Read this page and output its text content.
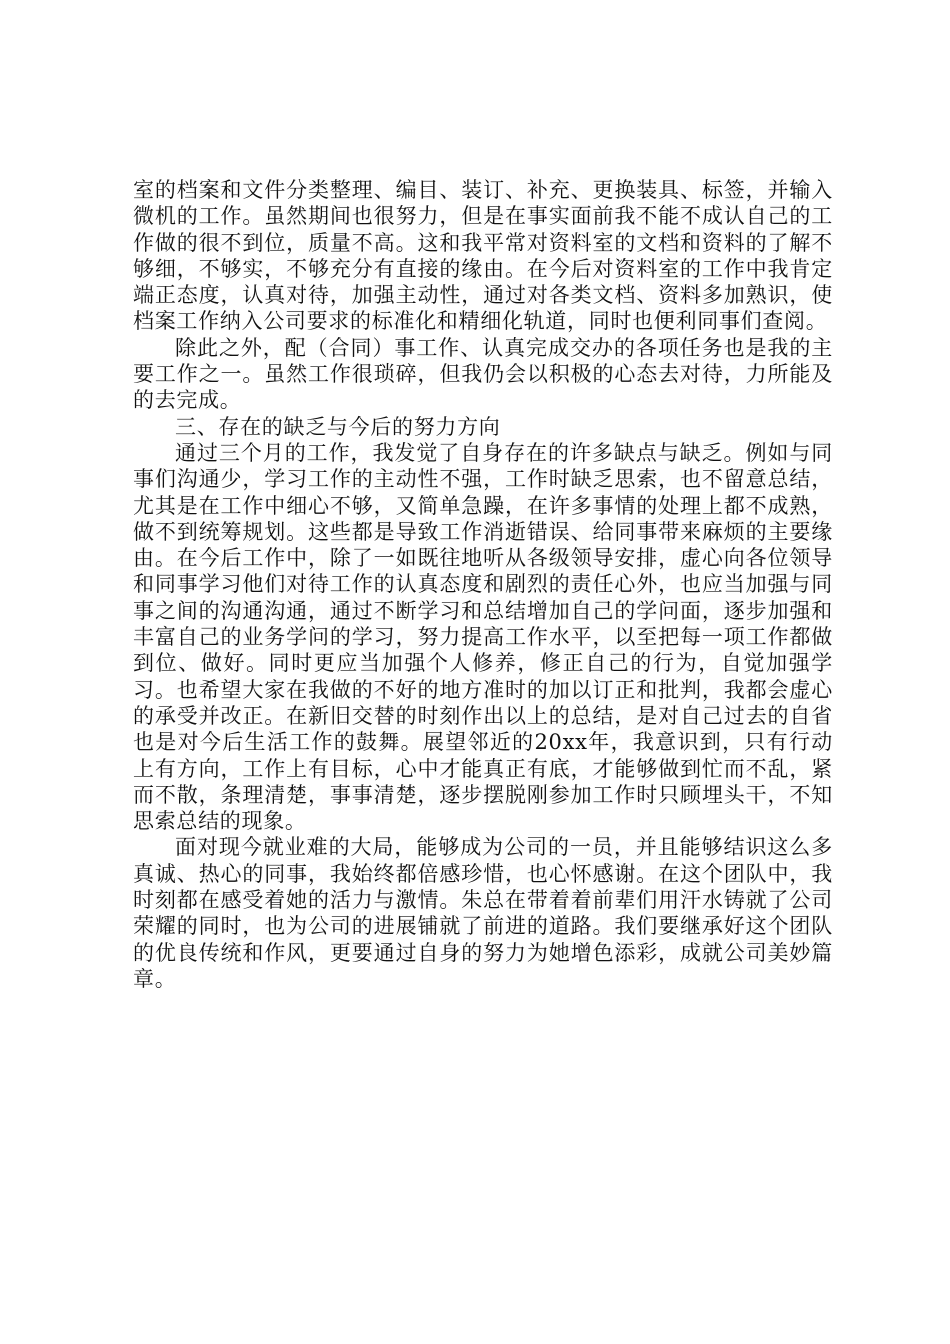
室的档案和文件分类整理、编目、装订、补充、更换装具、标签，并输入微机的工作。虽然期间也很努力，但是在事实面前我不能不成认自己的工作做的很不到位，质量不高。这和我平常对资料室的文档和资料的了解不够细，不够实，不够充分有直接的缘由。在今后对资料室的工作中我肯定端正态度，认真对待，加强主动性，通过对各类文档、资料多加熟识，使档案工作纳入公司要求的标准化和精细化轨道，同时也便利同事们查阅。

除此之外，配（合同）事工作、认真完成交办的各项任务也是我的主要工作之一。虽然工作很琐碎，但我仍会以积极的心态去对待，力所能及的去完成。

三、存在的缺乏与今后的努力方向

通过三个月的工作，我发觉了自身存在的许多缺点与缺乏。例如与同事们沟通少，学习工作的主动性不强，工作时缺乏思索，也不留意总结，尤其是在工作中细心不够，又简单急躁，在许多事情的处理上都不成熟，做不到统筹规划。这些都是导致工作消逝错误、给同事带来麻烦的主要缘由。在今后工作中，除了一如既往地听从各级领导安排，虚心向各位领导和同事学习他们对待工作的认真态度和剧烈的责任心外，也应当加强与同事之间的沟通沟通，通过不断学习和总结增加自己的学问面，逐步加强和丰富自己的业务学问的学习，努力提高工作水平，以至把每一项工作都做到位、做好。同时更应当加强个人修养，修正自己的行为，自觉加强学习。也希望大家在我做的不好的地方准时的加以订正和批判，我都会虚心的承受并改正。在新旧交替的时刻作出以上的总结，是对自己过去的自省也是对今后生活工作的鼓舞。展望邻近的20xx年，我意识到，只有行动上有方向，工作上有目标，心中才能真正有底，才能够做到忙而不乱，紧而不散，条理清楚，事事清楚，逐步摆脱刚参加工作时只顾埋头干，不知思索总结的现象。

面对现今就业难的大局，能够成为公司的一员，并且能够结识这么多真诚、热心的同事，我始终都倍感珍惜，也心怀感谢。在这个团队中，我时刻都在感受着她的活力与激情。朱总在带着着前辈们用汗水铸就了公司荣耀的同时，也为公司的进展铺就了前进的道路。我们要继承好这个团队的优良传统和作风，更要通过自身的努力为她增色添彩，成就公司美妙篇章。
